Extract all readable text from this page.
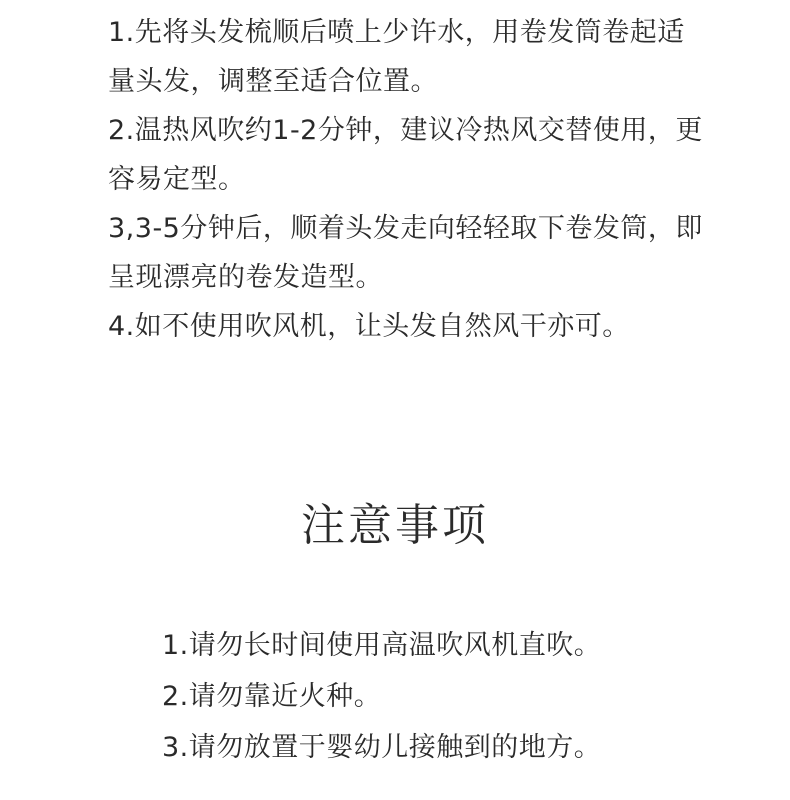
1.先将头发梳顺后喷上少许水，用卷发筒卷起适量头发，调整至适合位置。
2.温热风吹约1-2分钟，建议冷热风交替使用，更容易定型。
3,3-5分钟后，顺着头发走向轻轻取下卷发筒，即呈现漂亮的卷发造型。
4.如不使用吹风机，让头发自然风干亦可。
注意事项
1.请勿长时间使用高温吹风机直吹。
2.请勿靠近火种。
3.请勿放置于婴幼儿接触到的地方。
